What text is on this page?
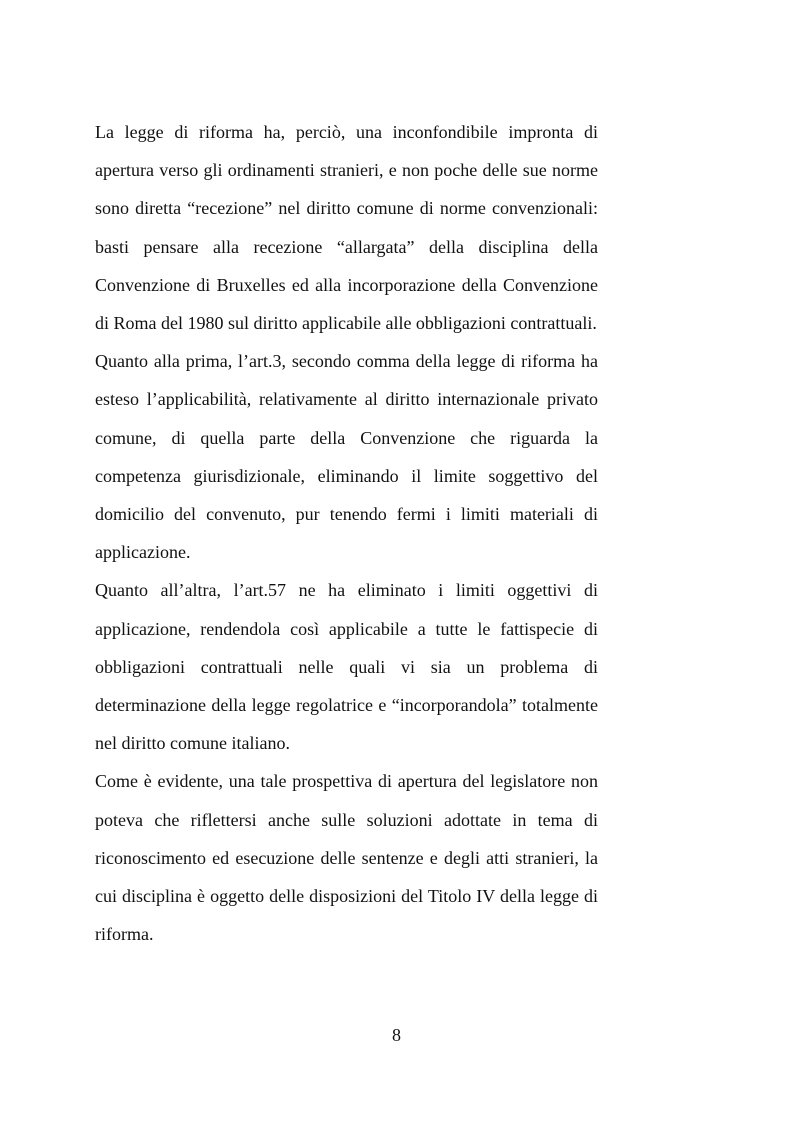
La legge di riforma ha, perciò, una inconfondibile impronta di apertura verso gli ordinamenti stranieri, e non poche delle sue norme sono diretta “recezione” nel diritto comune di norme convenzionali: basti pensare alla recezione “allargata” della disciplina della Convenzione di Bruxelles ed alla incorporazione della Convenzione di Roma del 1980 sul diritto applicabile alle obbligazioni contrattuali.

Quanto alla prima, l’art.3, secondo comma della legge di riforma ha esteso l’applicabilità, relativamente al diritto internazionale privato comune, di quella parte della Convenzione che riguarda la competenza giurisdizionale, eliminando il limite soggettivo del domicilio del convenuto, pur tenendo fermi i limiti materiali di applicazione.

Quanto all’altra, l’art.57 ne ha eliminato i limiti oggettivi di applicazione, rendendola così applicabile a tutte le fattispecie di obbligazioni contrattuali nelle quali vi sia un problema di determinazione della legge regolatrice e “incorporandola” totalmente nel diritto comune italiano.

Come è evidente, una tale prospettiva di apertura del legislatore non poteva che riflettersi anche sulle soluzioni adottate in tema di riconoscimento ed esecuzione delle sentenze e degli atti stranieri, la cui disciplina è oggetto delle disposizioni del Titolo IV della legge di riforma.

8
